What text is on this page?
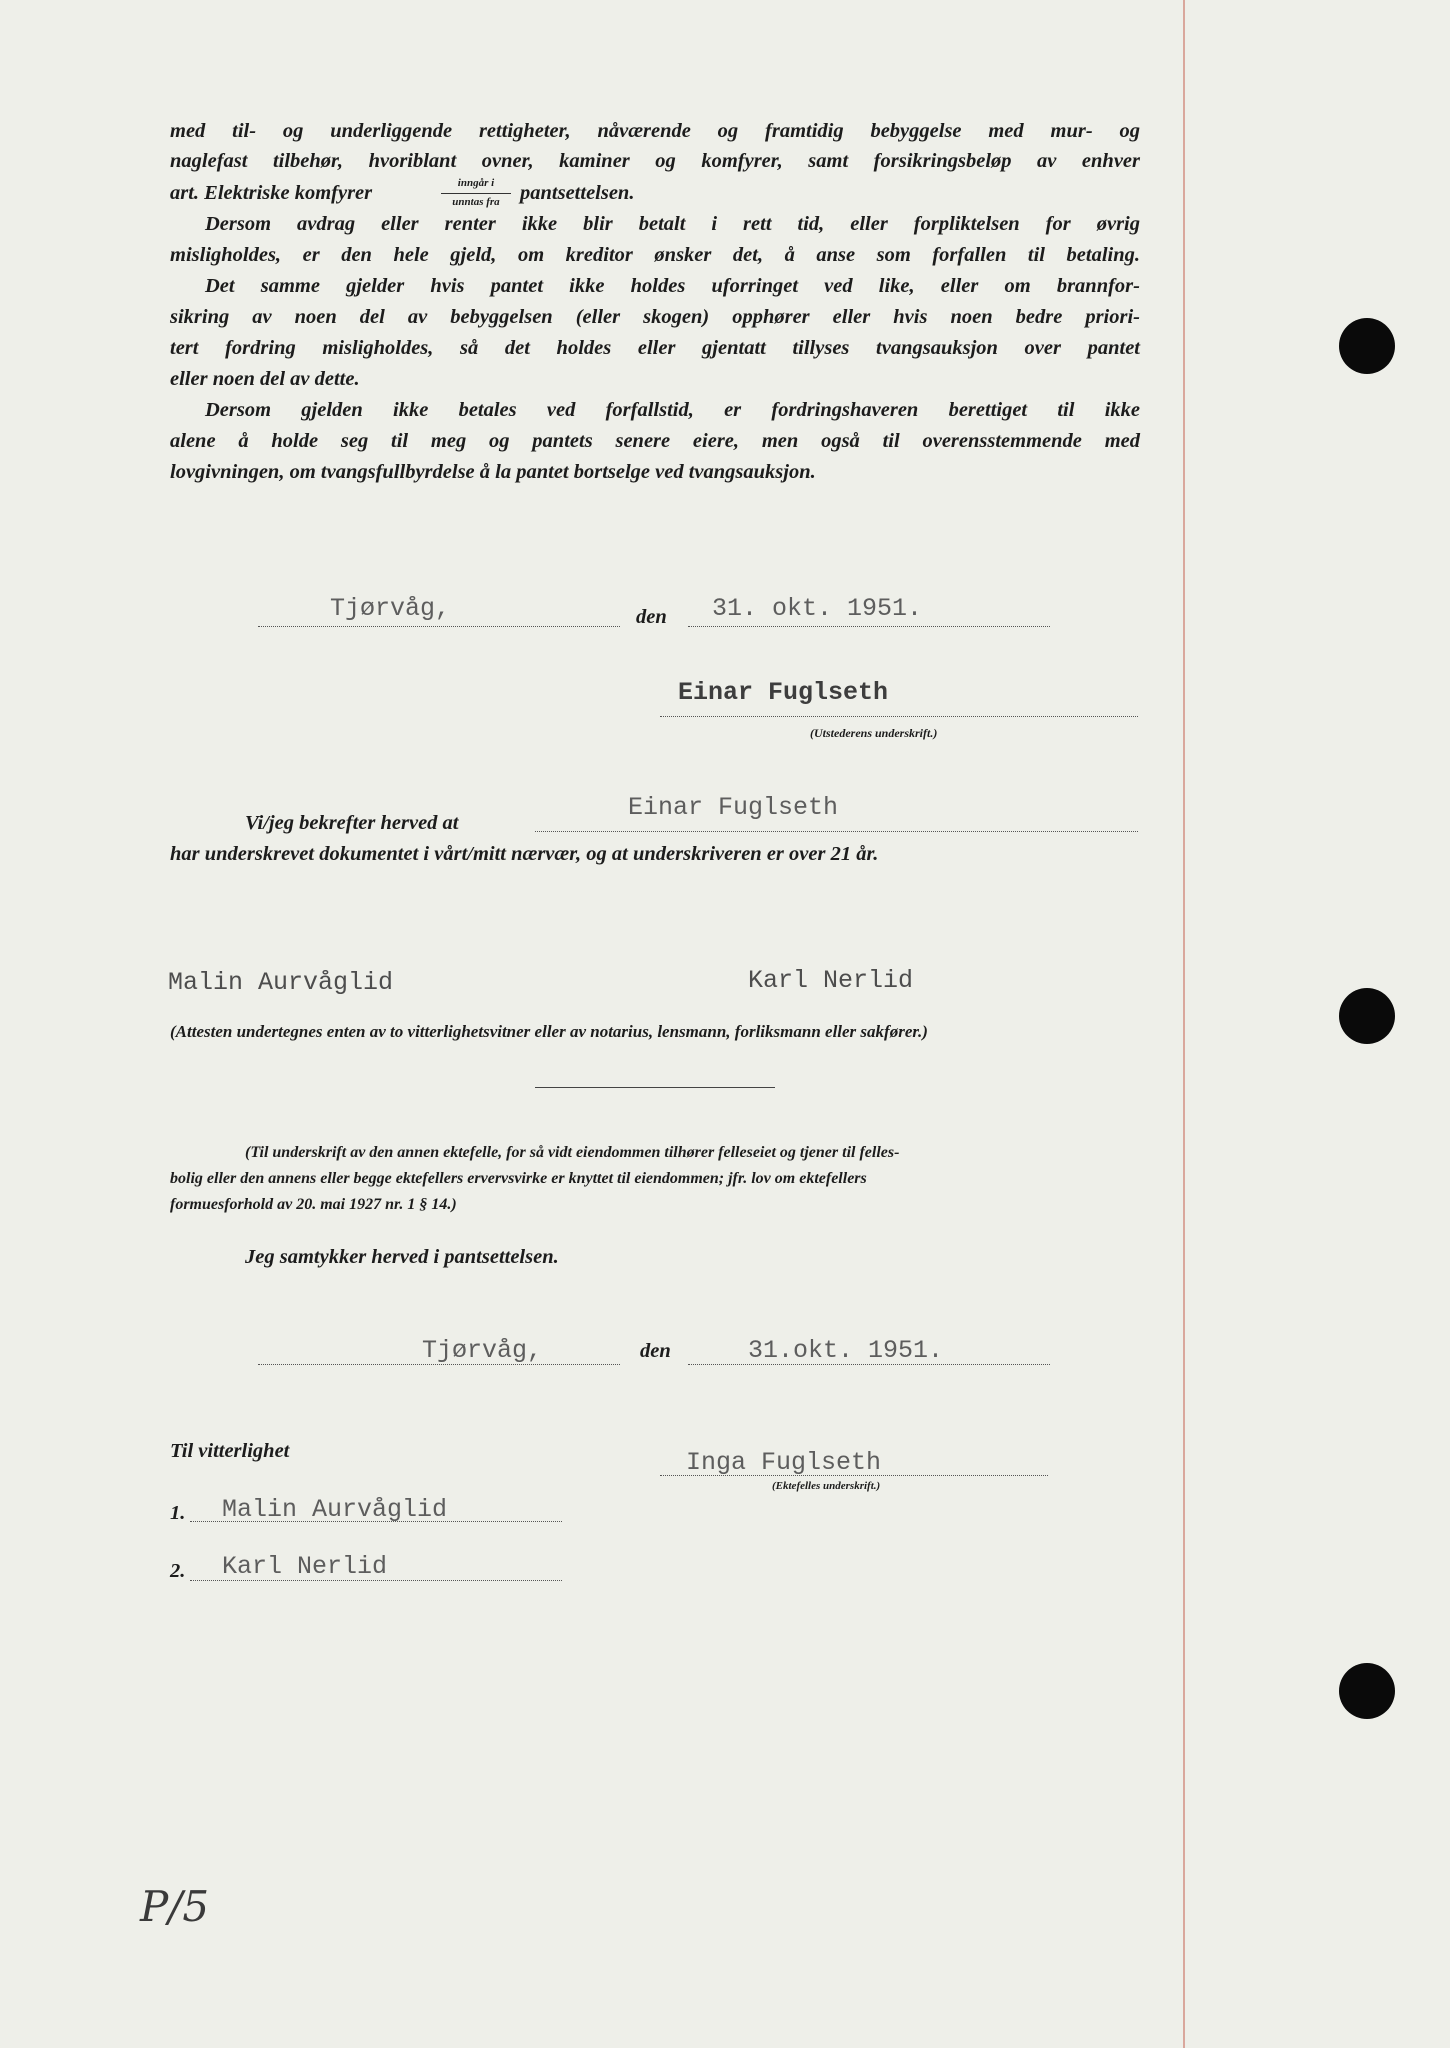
med til- og underliggende rettigheter, nåværende og framtidig bebyggelse med mur- og
naglefast tilbehør, hvoriblant ovner, kaminer og komfyrer, samt forsikringsbeløp av enhver
art. Elektriske komfyrer	inngår i
unntas fra pantsettelsen.
Dersom avdrag eller renter ikke blir betalt i rett tid, eller forpliktelsen for øvrig
misligholdes, er den hele gjeld, om kreditor ønsker det, å anse som forfallen til betaling.
Det samme gjelder hvis pantet ikke holdes uforringet ved like, eller om brannfor-
sikring av noen del av bebyggelsen (eller skogen) opphører eller hvis noen bedre priori-
tert fordring misligholdes, så det holdes eller gjentatt tillyses tvangsauksjon over pantet
eller noen del av dette.
Dersom gjelden ikke betales ved forfallstid, er fordringshaveren berettiget til ikke
alene å holde seg til meg og pantets senere eiere, men også til overensstemmende med
lovgivningen, om tvangsfullbyrdelse å la pantet bortselge ved tvangsauksjon.
Tjørvåg,	den 31. okt. 1951.
Einar Fuglseth
(Utstederens underskrift.)
Einar Fuglseth
Vi/jeg bekrefter herved at
har underskrevet dokumentet i vårt/mitt nærvær, og at underskriveren er over 21 år.
Malin Aurvåglid	Karl Nerlid
(Attesten undertegnes enten av to vitterlighetsvitner eller av notarius, lensmann, forliksmann eller sakfører.)
(Til underskrift av den annen ektefelle, for så vidt eiendommen tilhører felleseiet og tjener til felles-
bolig eller den annens eller begge ektefellers ervervsvirke er knyttet til eiendommen; jfr. lov om ektefellers
formuesforhold av 20. mai 1927 nr. 1 § 14.)
Jeg samtykker herved i pantsettelsen.
Tjørvåg,	den	31.okt. 1951.
Til vitterlighet	Inga Fuglseth
(Ektefelles underskrift.)
1. Malin Aurvåglid
2. Karl Nerlid
P/5
